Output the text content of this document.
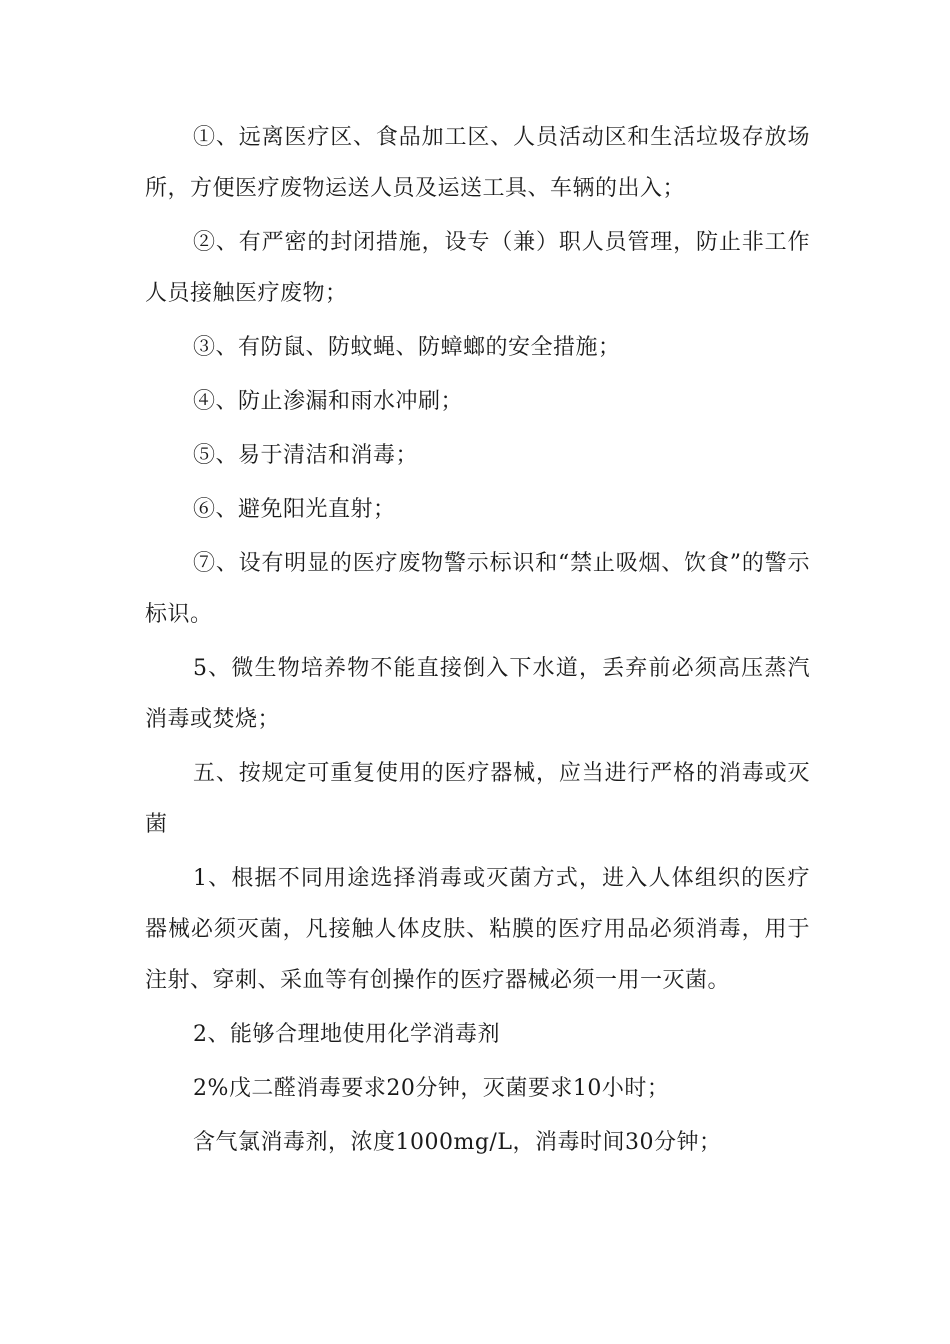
①、远离医疗区、食品加工区、人员活动区和生活垃圾存放场所，方便医疗废物运送人员及运送工具、车辆的出入；

②、有严密的封闭措施，设专（兼）职人员管理，防止非工作人员接触医疗废物；

③、有防鼠、防蚊蝇、防蟑螂的安全措施；

④、防止渗漏和雨水冲刷；

⑤、易于清洁和消毒；

⑥、避免阳光直射；

⑦、设有明显的医疗废物警示标识和“禁止吸烟、饮食”的警示标识。

5、微生物培养物不能直接倒入下水道，丢弃前必须高压蒸汽消毒或焚烧；

五、按规定可重复使用的医疗器械，应当进行严格的消毒或灭菌

1、根据不同用途选择消毒或灭菌方式，进入人体组织的医疗器械必须灭菌，凡接触人体皮肤、粘膜的医疗用品必须消毒，用于注射、穿刺、采血等有创操作的医疗器械必须一用一灭菌。

2、能够合理地使用化学消毒剂

2%戊二醛消毒要求20分钟，灭菌要求10小时；

含气氯消毒剂，浓度1000mg/L，消毒时间30分钟；
